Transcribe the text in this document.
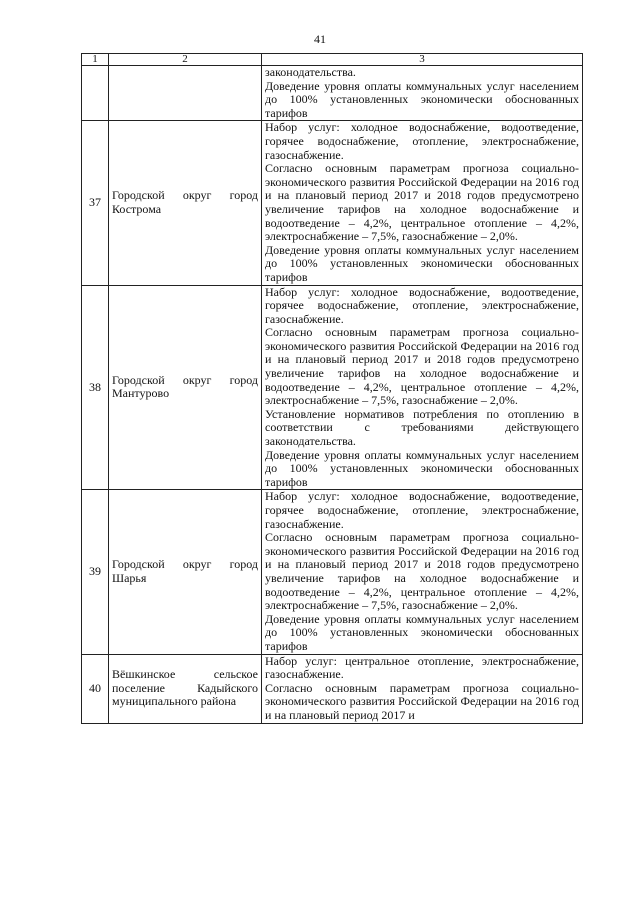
41
1	2	3

		законодательства.

Доведение уровня оплаты коммунальных услуг населением до 100% установленных экономически обоснованных тарифов

37	Городской округ город Кострома	Набор услуг: холодное водоснабжение, водоотведение, горячее водоснабжение, отопление, электроснабжение, газоснабжение.

Согласно основным параметрам прогноза социально-экономического развития Российской Федерации на 2016 год и на плановый период 2017 и 2018 годов предусмотрено увеличение тарифов на холодное водоснабжение и водоотведение – 4,2%, центральное отопление – 4,2%, электроснабжение – 7,5%, газоснабжение – 2,0%.

Доведение уровня оплаты коммунальных услуг населением до 100% установленных экономически обоснованных тарифов

38	Городской округ город Мантурово	Набор услуг: холодное водоснабжение, водоотведение, горячее водоснабжение, отопление, электроснабжение, газоснабжение.

Согласно основным параметрам прогноза социально-экономического развития Российской Федерации на 2016 год и на плановый период 2017 и 2018 годов предусмотрено увеличение тарифов на холодное водоснабжение и водоотведение – 4,2%, центральное отопление – 4,2%, электроснабжение – 7,5%, газоснабжение – 2,0%.

Установление нормативов потребления по отоплению в соответствии с требованиями действующего законодательства.

Доведение уровня оплаты коммунальных услуг населением до 100% установленных экономически обоснованных тарифов

39	Городской округ город Шарья	Набор услуг: холодное водоснабжение, водоотведение, горячее водоснабжение, отопление, электроснабжение, газоснабжение.

Согласно основным параметрам прогноза социально-экономического развития Российской Федерации на 2016 год и на плановый период 2017 и 2018 годов предусмотрено увеличение тарифов на холодное водоснабжение и водоотведение – 4,2%, центральное отопление – 4,2%, электроснабжение – 7,5%, газоснабжение – 2,0%.

Доведение уровня оплаты коммунальных услуг населением до 100% установленных экономически обоснованных тарифов

40	Вёшкинское сельское поселение Кадыйского муниципального района	Набор услуг: центральное отопление, электроснабжение, газоснабжение.

Согласно основным параметрам прогноза социально-экономического развития Российской Федерации на 2016 год и на плановый период 2017 и
